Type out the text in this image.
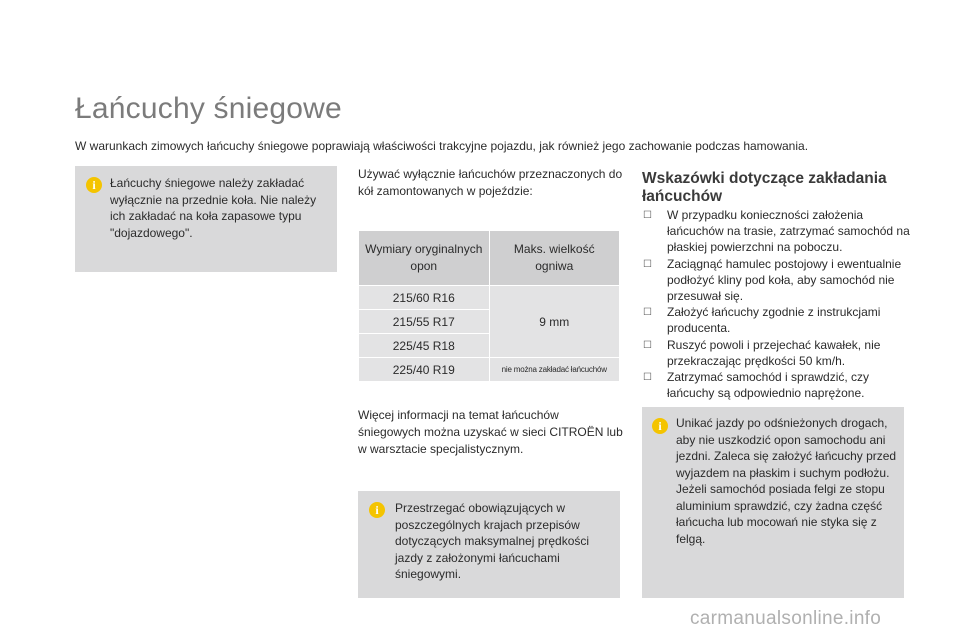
Łańcuchy śniegowe
W warunkach zimowych łańcuchy śniegowe poprawiają właściwości trakcyjne pojazdu, jak również jego zachowanie podczas hamowania.
i	Łańcuchy śniegowe należy zakładać wyłącznie na przednie koła. Nie należy ich zakładać na koła zapasowe typu "dojazdowego".
Używać wyłącznie łańcuchów przeznaczonych do kół zamontowanych w pojeździe:
Wymiary oryginalnych opon	Maks. wielkość ogniwa
215/60 R16	9 mm
215/55 R17	
225/45 R18	
225/40 R19	nie można zakładać łańcuchów
Więcej informacji na temat łańcuchów śniegowych można uzyskać w sieci CITROËN lub w warsztacie specjalistycznym.
i	Przestrzegać obowiązujących w poszczególnych krajach przepisów dotyczących maksymalnej prędkości jazdy z założonymi łańcuchami śniegowymi.
Wskazówki dotyczące zakładania łańcuchów
☐ W przypadku konieczności założenia łańcuchów na trasie, zatrzymać samochód na płaskiej powierzchni na poboczu.
☐ Zaciągnąć hamulec postojowy i ewentualnie podłożyć kliny pod koła, aby samochód nie przesuwał się.
☐ Założyć łańcuchy zgodnie z instrukcjami producenta.
☐ Ruszyć powoli i przejechać kawałek, nie przekraczając prędkości 50 km/h.
☐ Zatrzymać samochód i sprawdzić, czy łańcuchy są odpowiednio naprężone.
i	Unikać jazdy po odśnieżonych drogach, aby nie uszkodzić opon samochodu ani jezdni. Zaleca się założyć łańcuchy przed wyjazdem na płaskim i suchym podłożu. Jeżeli samochód posiada felgi ze stopu aluminium sprawdzić, czy żadna część łańcucha lub mocowań nie styka się z felgą.
carmanualsonline.info
